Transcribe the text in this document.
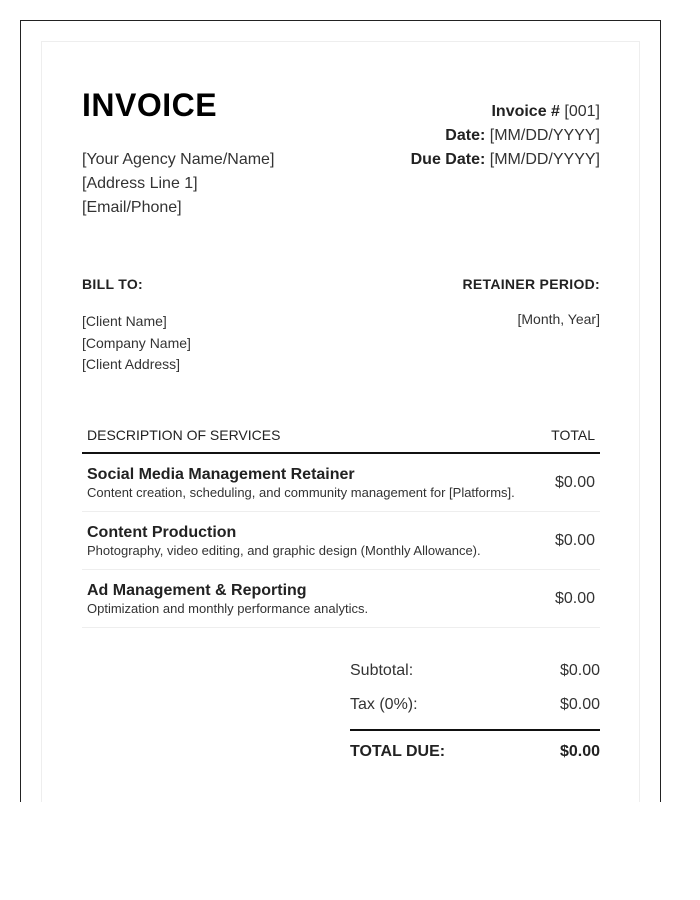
INVOICE
[Your Agency Name/Name]
[Address Line 1]
[Email/Phone]
Invoice # [001]
Date: [MM/DD/YYYY]
Due Date: [MM/DD/YYYY]
BILL TO:	RETAINER PERIOD:
[Client Name]
[Company Name]
[Client Address]
[Month, Year]
DESCRIPTION OF SERVICES	TOTAL
Social Media Management Retainer
Content creation, scheduling, and community management for [Platforms].
$0.00
Content Production
Photography, video editing, and graphic design (Monthly Allowance).
$0.00
Ad Management & Reporting
Optimization and monthly performance analytics.
$0.00
Subtotal:	$0.00
Tax (0%):	$0.00
TOTAL DUE:	$0.00
